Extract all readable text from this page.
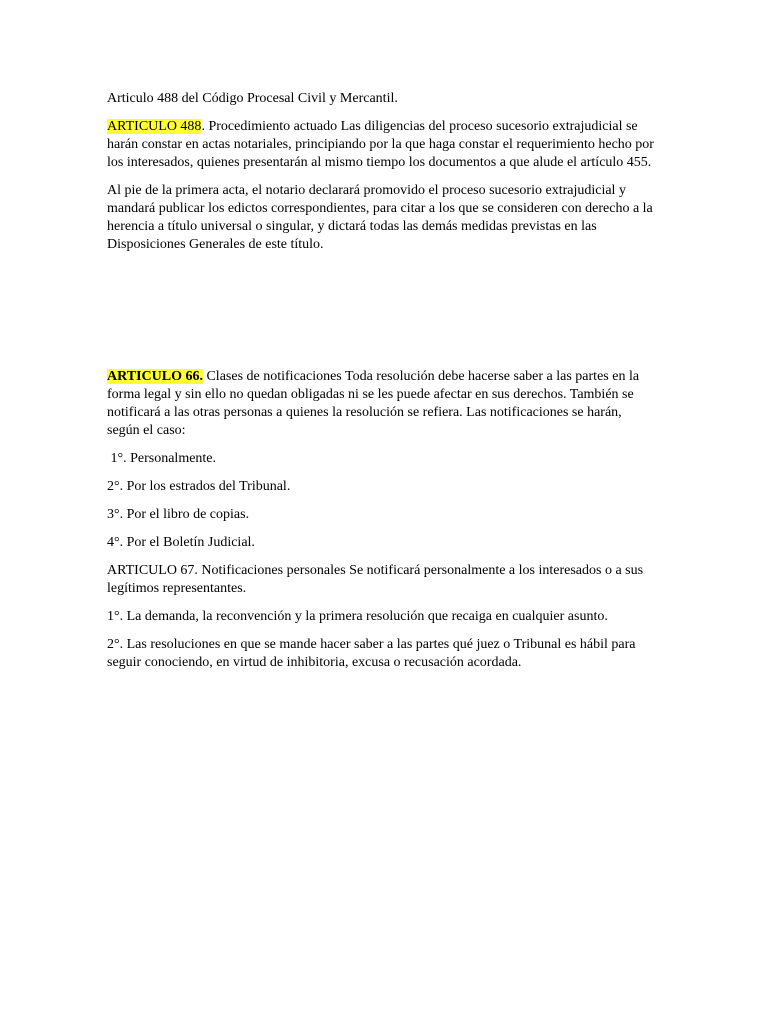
Articulo 488 del Código Procesal Civil y Mercantil.

ARTICULO 488. Procedimiento actuado Las diligencias del proceso sucesorio extrajudicial se harán constar en actas notariales, principiando por la que haga constar el requerimiento hecho por los interesados, quienes presentarán al mismo tiempo los documentos a que alude el artículo 455.

Al pie de la primera acta, el notario declarará promovido el proceso sucesorio extrajudicial y mandará publicar los edictos correspondientes, para citar a los que se consideren con derecho a la herencia a título universal o singular, y dictará todas las demás medidas previstas en las Disposiciones Generales de este título.

ARTICULO 66. Clases de notificaciones Toda resolución debe hacerse saber a las partes en la forma legal y sin ello no quedan obligadas ni se les puede afectar en sus derechos. También se notificará a las otras personas a quienes la resolución se refiera. Las notificaciones se harán, según el caso:

1°. Personalmente.

2°. Por los estrados del Tribunal.

3°. Por el libro de copias.

4°. Por el Boletín Judicial.

ARTICULO 67. Notificaciones personales Se notificará personalmente a los interesados o a sus legítimos representantes.

1°. La demanda, la reconvención y la primera resolución que recaiga en cualquier asunto.

2°. Las resoluciones en que se mande hacer saber a las partes qué juez o Tribunal es hábil para seguir conociendo, en virtud de inhibitoria, excusa o recusación acordada.
